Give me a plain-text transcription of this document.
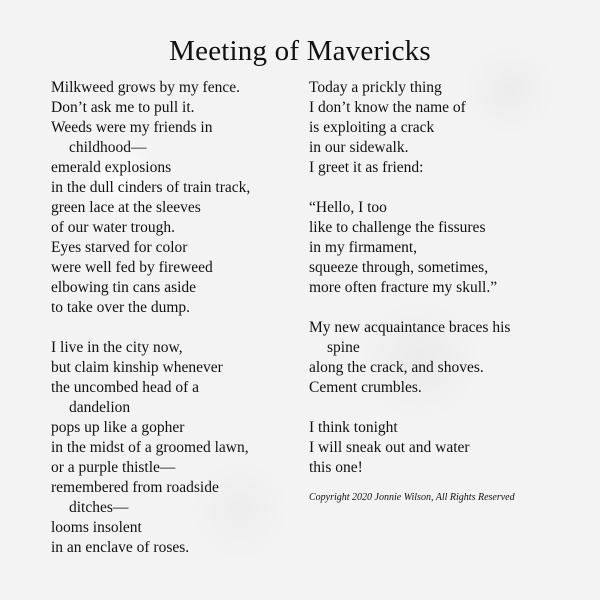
Meeting of Mavericks
Milkweed grows by my fence.
Don’t ask me to pull it.
Weeds were my friends in
childhood—
emerald explosions
in the dull cinders of train track,
green lace at the sleeves
of our water trough.
Eyes starved for color
were well fed by fireweed
elbowing tin cans aside
to take over the dump.
I live in the city now,
but claim kinship whenever
the uncombed head of a
dandelion
pops up like a gopher
in the midst of a groomed lawn,
or a purple thistle—
remembered from roadside
ditches—
looms insolent
in an enclave of roses.
Today a prickly thing
I don’t know the name of
is exploiting a crack
in our sidewalk.
I greet it as friend:
“Hello, I too
like to challenge the fissures
in my firmament,
squeeze through, sometimes,
more often fracture my skull.”
My new acquaintance braces his
spine
along the crack, and shoves.
Cement crumbles.
I think tonight
I will sneak out and water
this one!
Copyright 2020 Jonnie Wilson, All Rights Reserved
